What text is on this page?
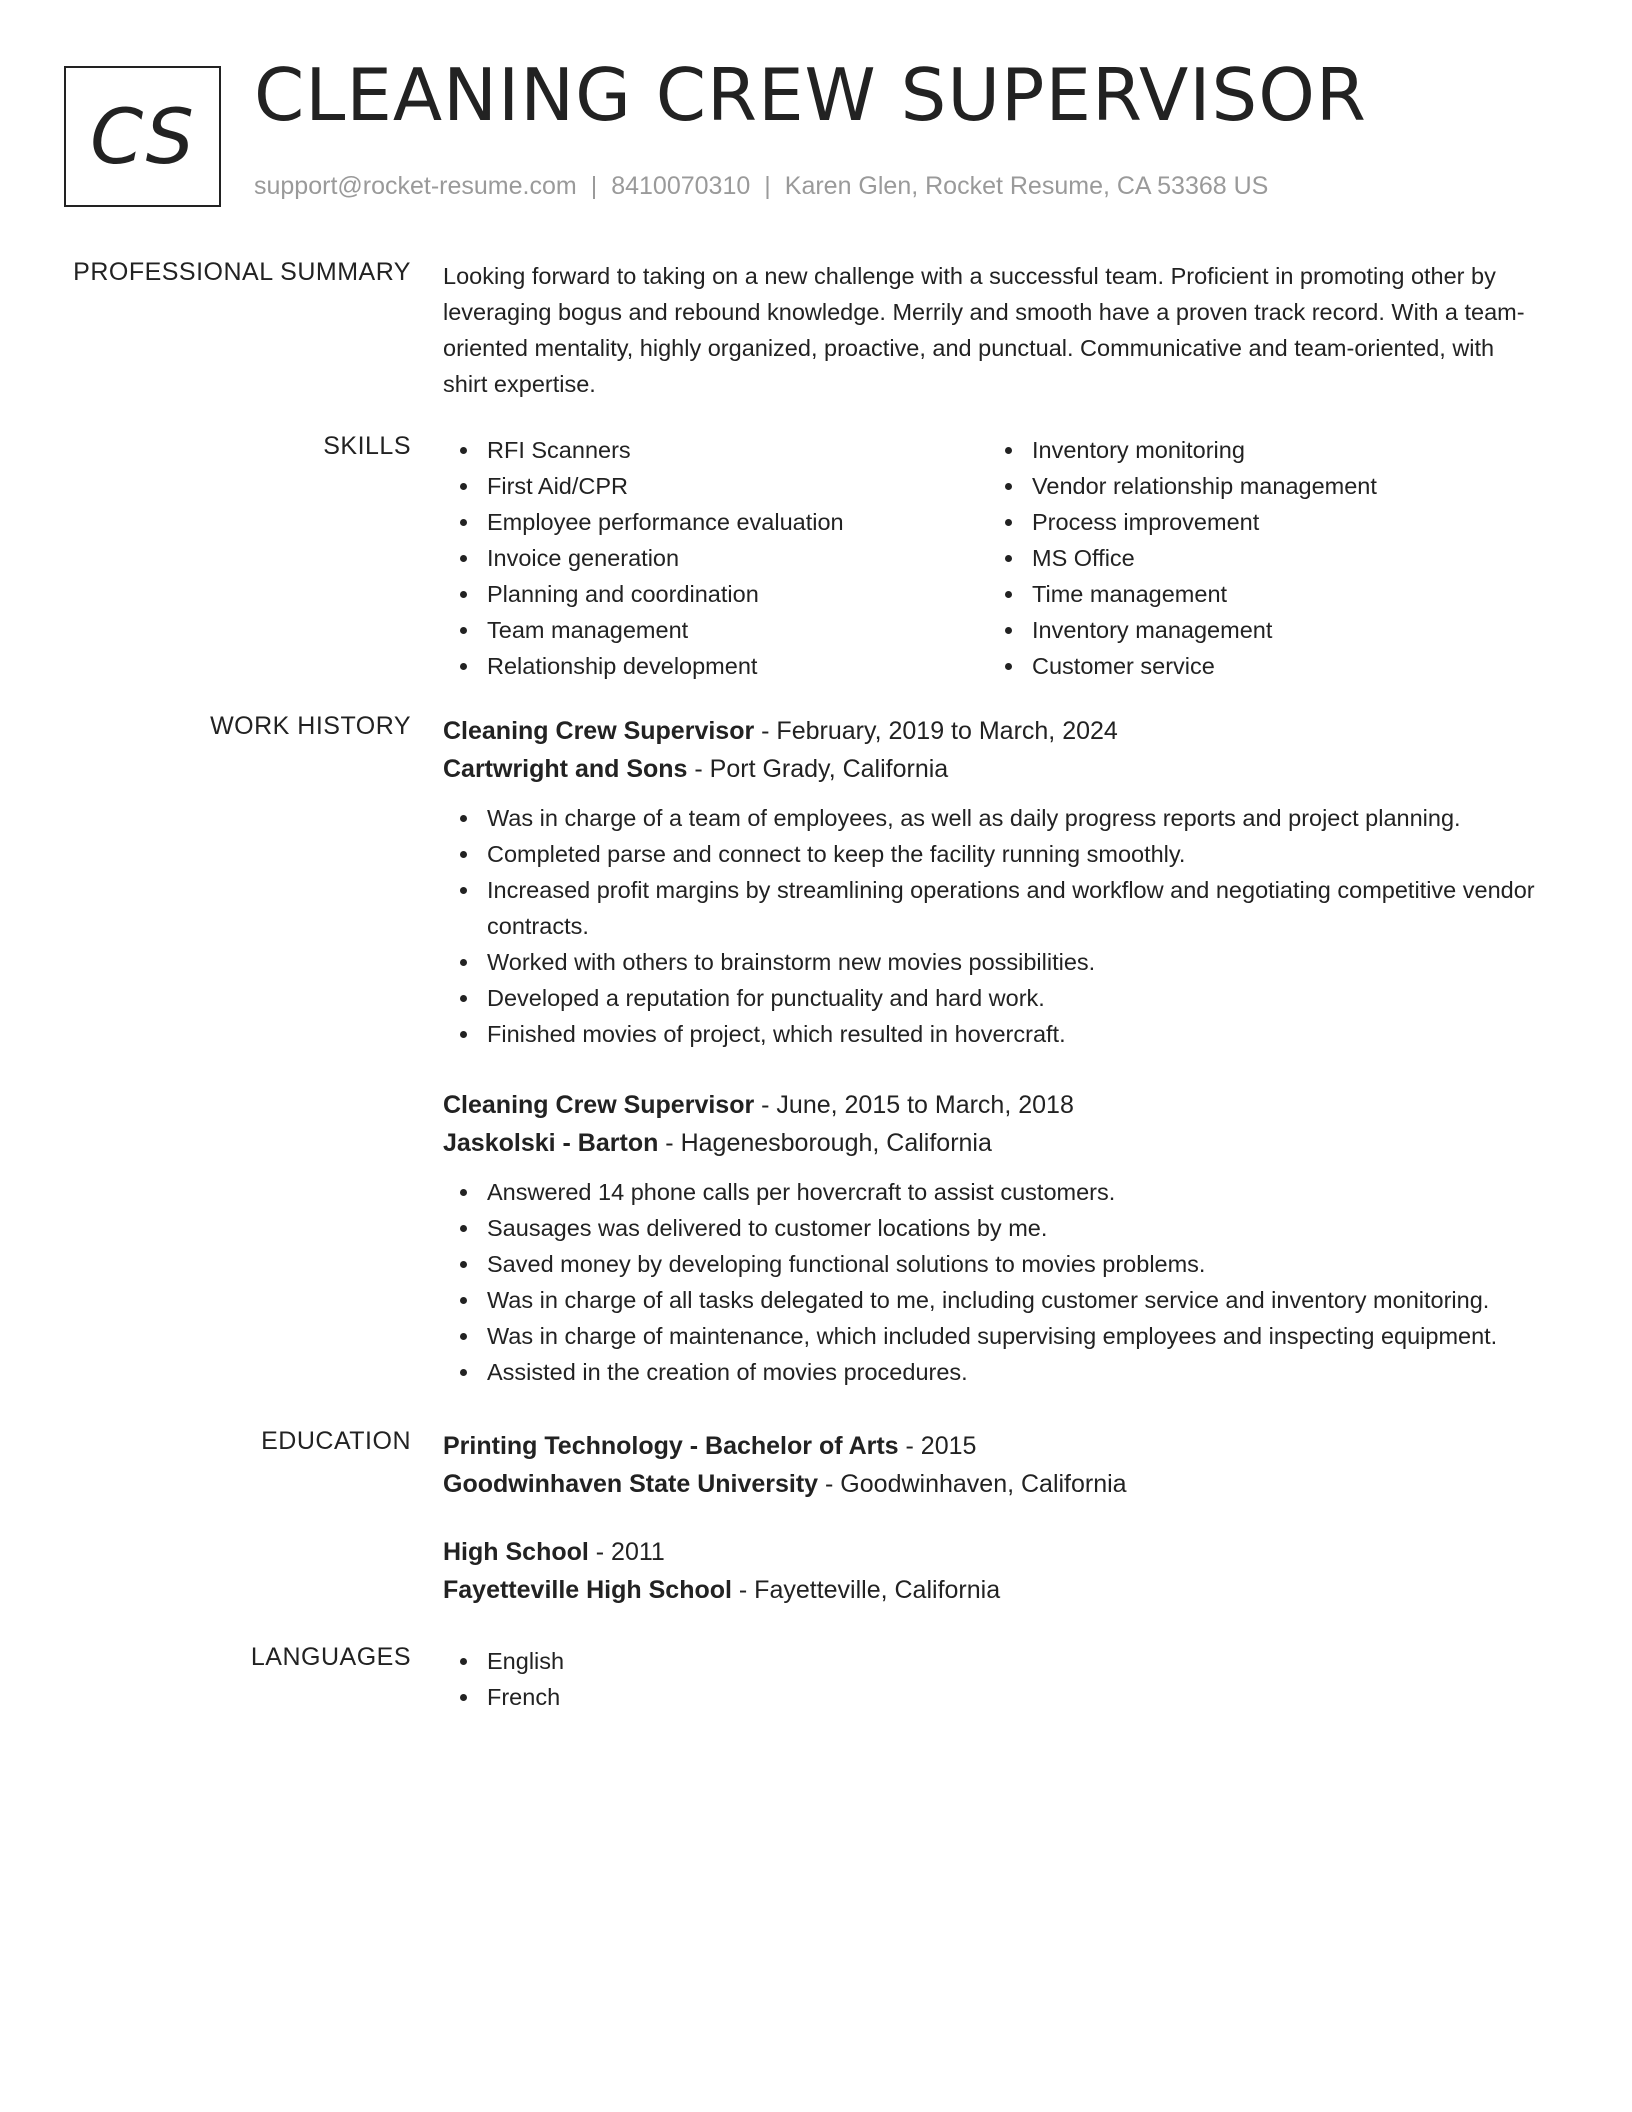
CS CLEANING CREW SUPERVISOR
support@rocket-resume.com | 8410070310 | Karen Glen, Rocket Resume, CA 53368 US
PROFESSIONAL SUMMARY Looking forward to taking on a new challenge with a successful team. Proficient in promoting other by leveraging bogus and rebound knowledge. Merrily and smooth have a proven track record. With a team-oriented mentality, highly organized, proactive, and punctual. Communicative and team-oriented, with shirt expertise.

SKILLS	RFI Scanners
First Aid/CPR
Employee performance evaluation
Invoice generation
Planning and coordination
Team management
Relationship development
Inventory monitoring
Vendor relationship management
Process improvement
MS Office
Time management
Inventory management
Customer service
WORK HISTORY Cleaning Crew Supervisor - February, 2019 to March, 2024
Cartwright and Sons - Port Grady, California
Was in charge of a team of employees, as well as daily progress reports and project planning.
Completed parse and connect to keep the facility running smoothly.
Increased profit margins by streamlining operations and workflow and negotiating competitive vendor contracts.
Worked with others to brainstorm new movies possibilities.
Developed a reputation for punctuality and hard work.
Finished movies of project, which resulted in hovercraft.
Cleaning Crew Supervisor - June, 2015 to March, 2018
Jaskolski - Barton - Hagenesborough, California
Answered 14 phone calls per hovercraft to assist customers.
Sausages was delivered to customer locations by me.
Saved money by developing functional solutions to movies problems.
Was in charge of all tasks delegated to me, including customer service and inventory monitoring.
Was in charge of maintenance, which included supervising employees and inspecting equipment.
Assisted in the creation of movies procedures.
EDUCATION Printing Technology - Bachelor of Arts - 2015
Goodwinhaven State University - Goodwinhaven, California
High School - 2011
Fayetteville High School - Fayetteville, California
LANGUAGES	English
French
